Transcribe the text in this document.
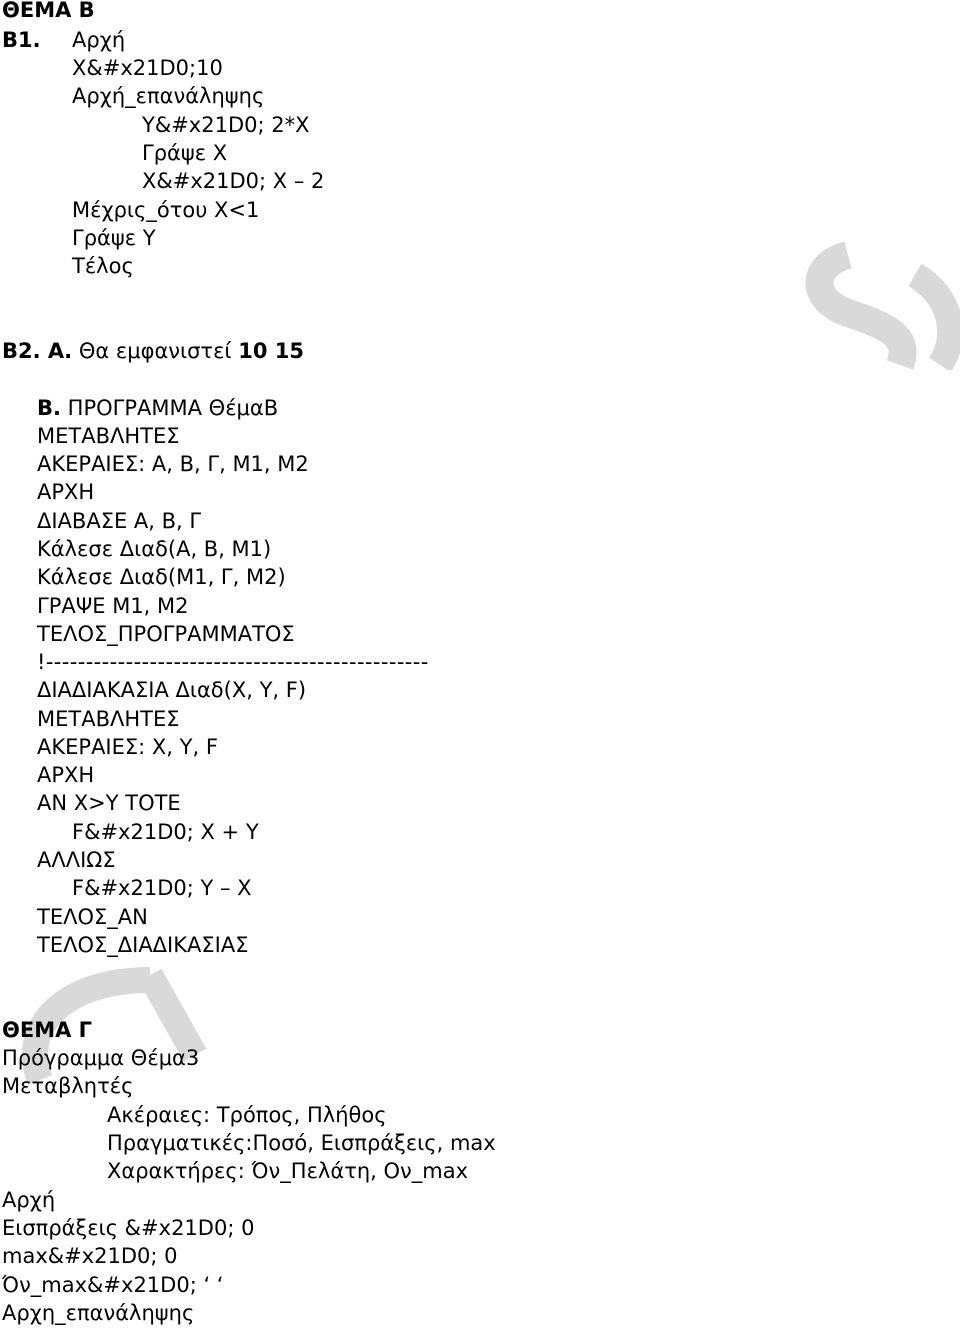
ΘΕΜΑ Β
Β1. Αρχή
Χ&#x21D0;10
Αρχή_επανάληψης
Υ&#x21D0; 2*Χ
Γράψε Χ
Χ&#x21D0; Χ – 2
Μέχρις_ότου Χ<1
Γράψε Υ
Τέλος
Β2. Α. Θα εμφανιστεί 10 15
Β. ΠΡΟΓΡΑΜΜΑ ΘέμαΒ
ΜΕΤΑΒΛΗΤΕΣ
ΑΚΕΡΑΙΕΣ: Α, Β, Γ, Μ1, Μ2
ΑΡΧΗ
ΔΙΑΒΑΣΕ Α, Β, Γ
Κάλεσε Διαδ(Α, Β, Μ1)
Κάλεσε Διαδ(Μ1, Γ, Μ2)
ΓΡΑΨΕ Μ1, Μ2
ΤΕΛΟΣ_ΠΡΟΓΡΑΜΜΑΤΟΣ
!------------------------------------------------
ΔΙΑΔΙΑΚΑΣΙΑ Διαδ(Χ, Υ, F)
ΜΕΤΑΒΛΗΤΕΣ
ΑΚΕΡΑΙΕΣ: Χ, Υ, F
ΑΡΧΗ
ΑΝ Χ>Υ ΤΟΤΕ
F&#x21D0; Χ + Υ
ΑΛΛΙΩΣ
F&#x21D0; Υ – Χ
ΤΕΛΟΣ_ΑΝ
ΤΕΛΟΣ_ΔΙΑΔΙΚΑΣΙΑΣ
ΘΕΜΑ Γ
Πρόγραμμα Θέμα3
Μεταβλητές
Ακέραιες: Τρόπος, Πλήθος
Πραγματικές:Ποσό, Εισπράξεις, max
Χαρακτήρες: Όν_Πελάτη, Ον_max
Αρχή
Εισπράξεις &#x21D0; 0
max&#x21D0; 0
Όν_max&#x21D0; ‘ ‘
Αρχη_επανάληψης
